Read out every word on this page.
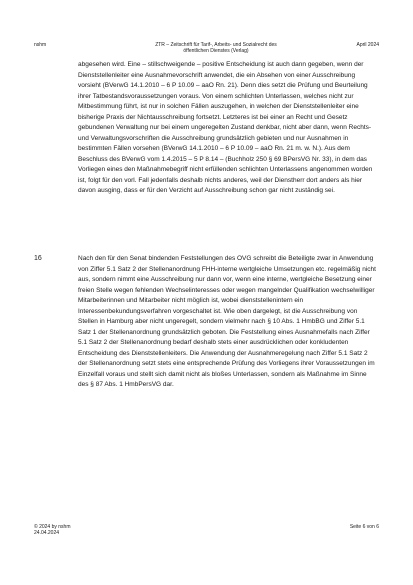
nshm	ZTR – Zeitschrift für Tarif-, Arbeits- und Sozialrecht des öffentlichen Dienstes (Verlag)
April 2024
abgesehen wird. Eine – stillschweigende – positive Entscheidung ist auch dann gegeben, wenn der Dienststellenleiter eine Ausnahmevorschrift anwendet, die ein Absehen von einer Ausschreibung vorsieht (BVerwG 14.1.2010 – 6 P 10.09 – aaO Rn. 21). Denn dies setzt die Prüfung und Beurteilung ihrer Tatbestandsvoraussetzungen voraus. Von einem schlichten Unterlassen, welches nicht zur Mitbestimmung führt, ist nur in solchen Fällen auszugehen, in welchen der Dienststellenleiter eine bisherige Praxis der Nichtausschreibung fortsetzt. Letzteres ist bei einer an Recht und Gesetz gebundenen Verwaltung nur bei einem ungeregelten Zustand denkbar, nicht aber dann, wenn Rechts- und Verwaltungsvorschriften die Ausschreibung grundsätzlich gebieten und nur Ausnahmen in bestimmten Fällen vorsehen (BVerwG 14.1.2010 – 6 P 10.09 – aaO Rn. 21 m. w. N.). Aus dem Beschluss des BVerwG vom 1.4.2015 – 5 P 8.14 – (Buchholz 250 § 69 BPersVG Nr. 33), in dem das Vorliegen eines den Maßnahmebegriff nicht erfüllenden schlichten Unterlassens angenommen worden ist, folgt für den vorl. Fall jedenfalls deshalb nichts anderes, weil der Dienstherr dort anders als hier davon ausging, dass er für den Verzicht auf Ausschreibung schon gar nicht zuständig sei.
16	Nach den für den Senat bindenden Feststellungen des OVG schreibt die Beteiligte zwar in Anwendung von Ziffer 5.1 Satz 2 der Stellenanordnung FHH-interne wertgleiche Umsetzungen etc. regelmäßig nicht aus, sondern nimmt eine Ausschreibung nur dann vor, wenn eine interne, wertgleiche Besetzung einer freien Stelle wegen fehlenden Wechselinteresses oder wegen mangelnder Qualifikation wechselwilliger Mitarbeiterinnen und Mitarbeiter nicht möglich ist, wobei dienststellenintern ein Interessenbekundungsverfahren vorgeschaltet ist. Wie oben dargelegt, ist die Ausschreibung von Stellen in Hamburg aber nicht ungeregelt, sondern vielmehr nach § 10 Abs. 1 HmbBG und Ziffer 5.1 Satz 1 der Stellenanordnung grundsätzlich geboten. Die Feststellung eines Ausnahmefalls nach Ziffer 5.1 Satz 2 der Stellenanordnung bedarf deshalb stets einer ausdrücklichen oder konkludenten Entscheidung des Dienststellenleiters. Die Anwendung der Ausnahmeregelung nach Ziffer 5.1 Satz 2 der Stellenanordnung setzt stets eine entsprechende Prüfung des Vorliegens ihrer Voraussetzungen im Einzelfall voraus und stellt sich damit nicht als bloßes Unterlassen, sondern als Maßnahme im Sinne des § 87 Abs. 1 HmbPersVG dar.
© 2024 by nshm
24.04.2024
Seite 6 von 6
